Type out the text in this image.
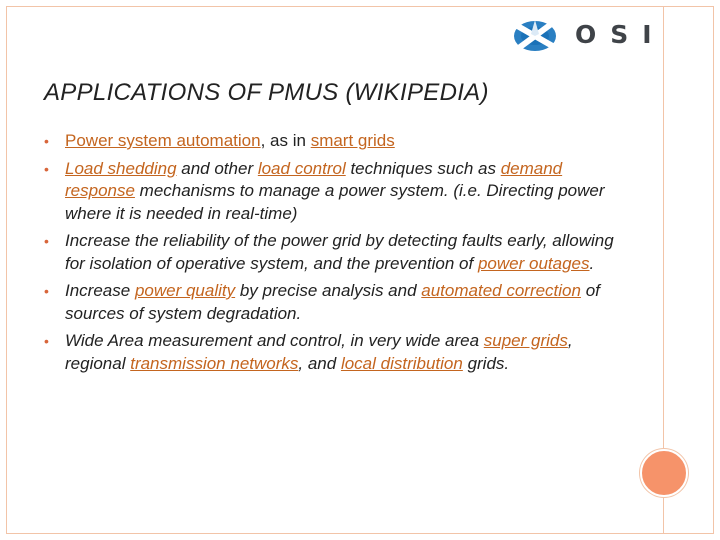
OSI
APPLICATIONS OF PMUS (WIKIPEDIA)
• Power system automation, as in smart grids
• Load shedding and other load control techniques such as demand response mechanisms to manage a power system. (i.e. Directing power where it is needed in real-time)
• Increase the reliability of the power grid by detecting faults early, allowing for isolation of operative system, and the prevention of power outages.
• Increase power quality by precise analysis and automated correction of sources of system degradation.
• Wide Area measurement and control, in very wide area super grids, regional transmission networks, and local distribution grids.
